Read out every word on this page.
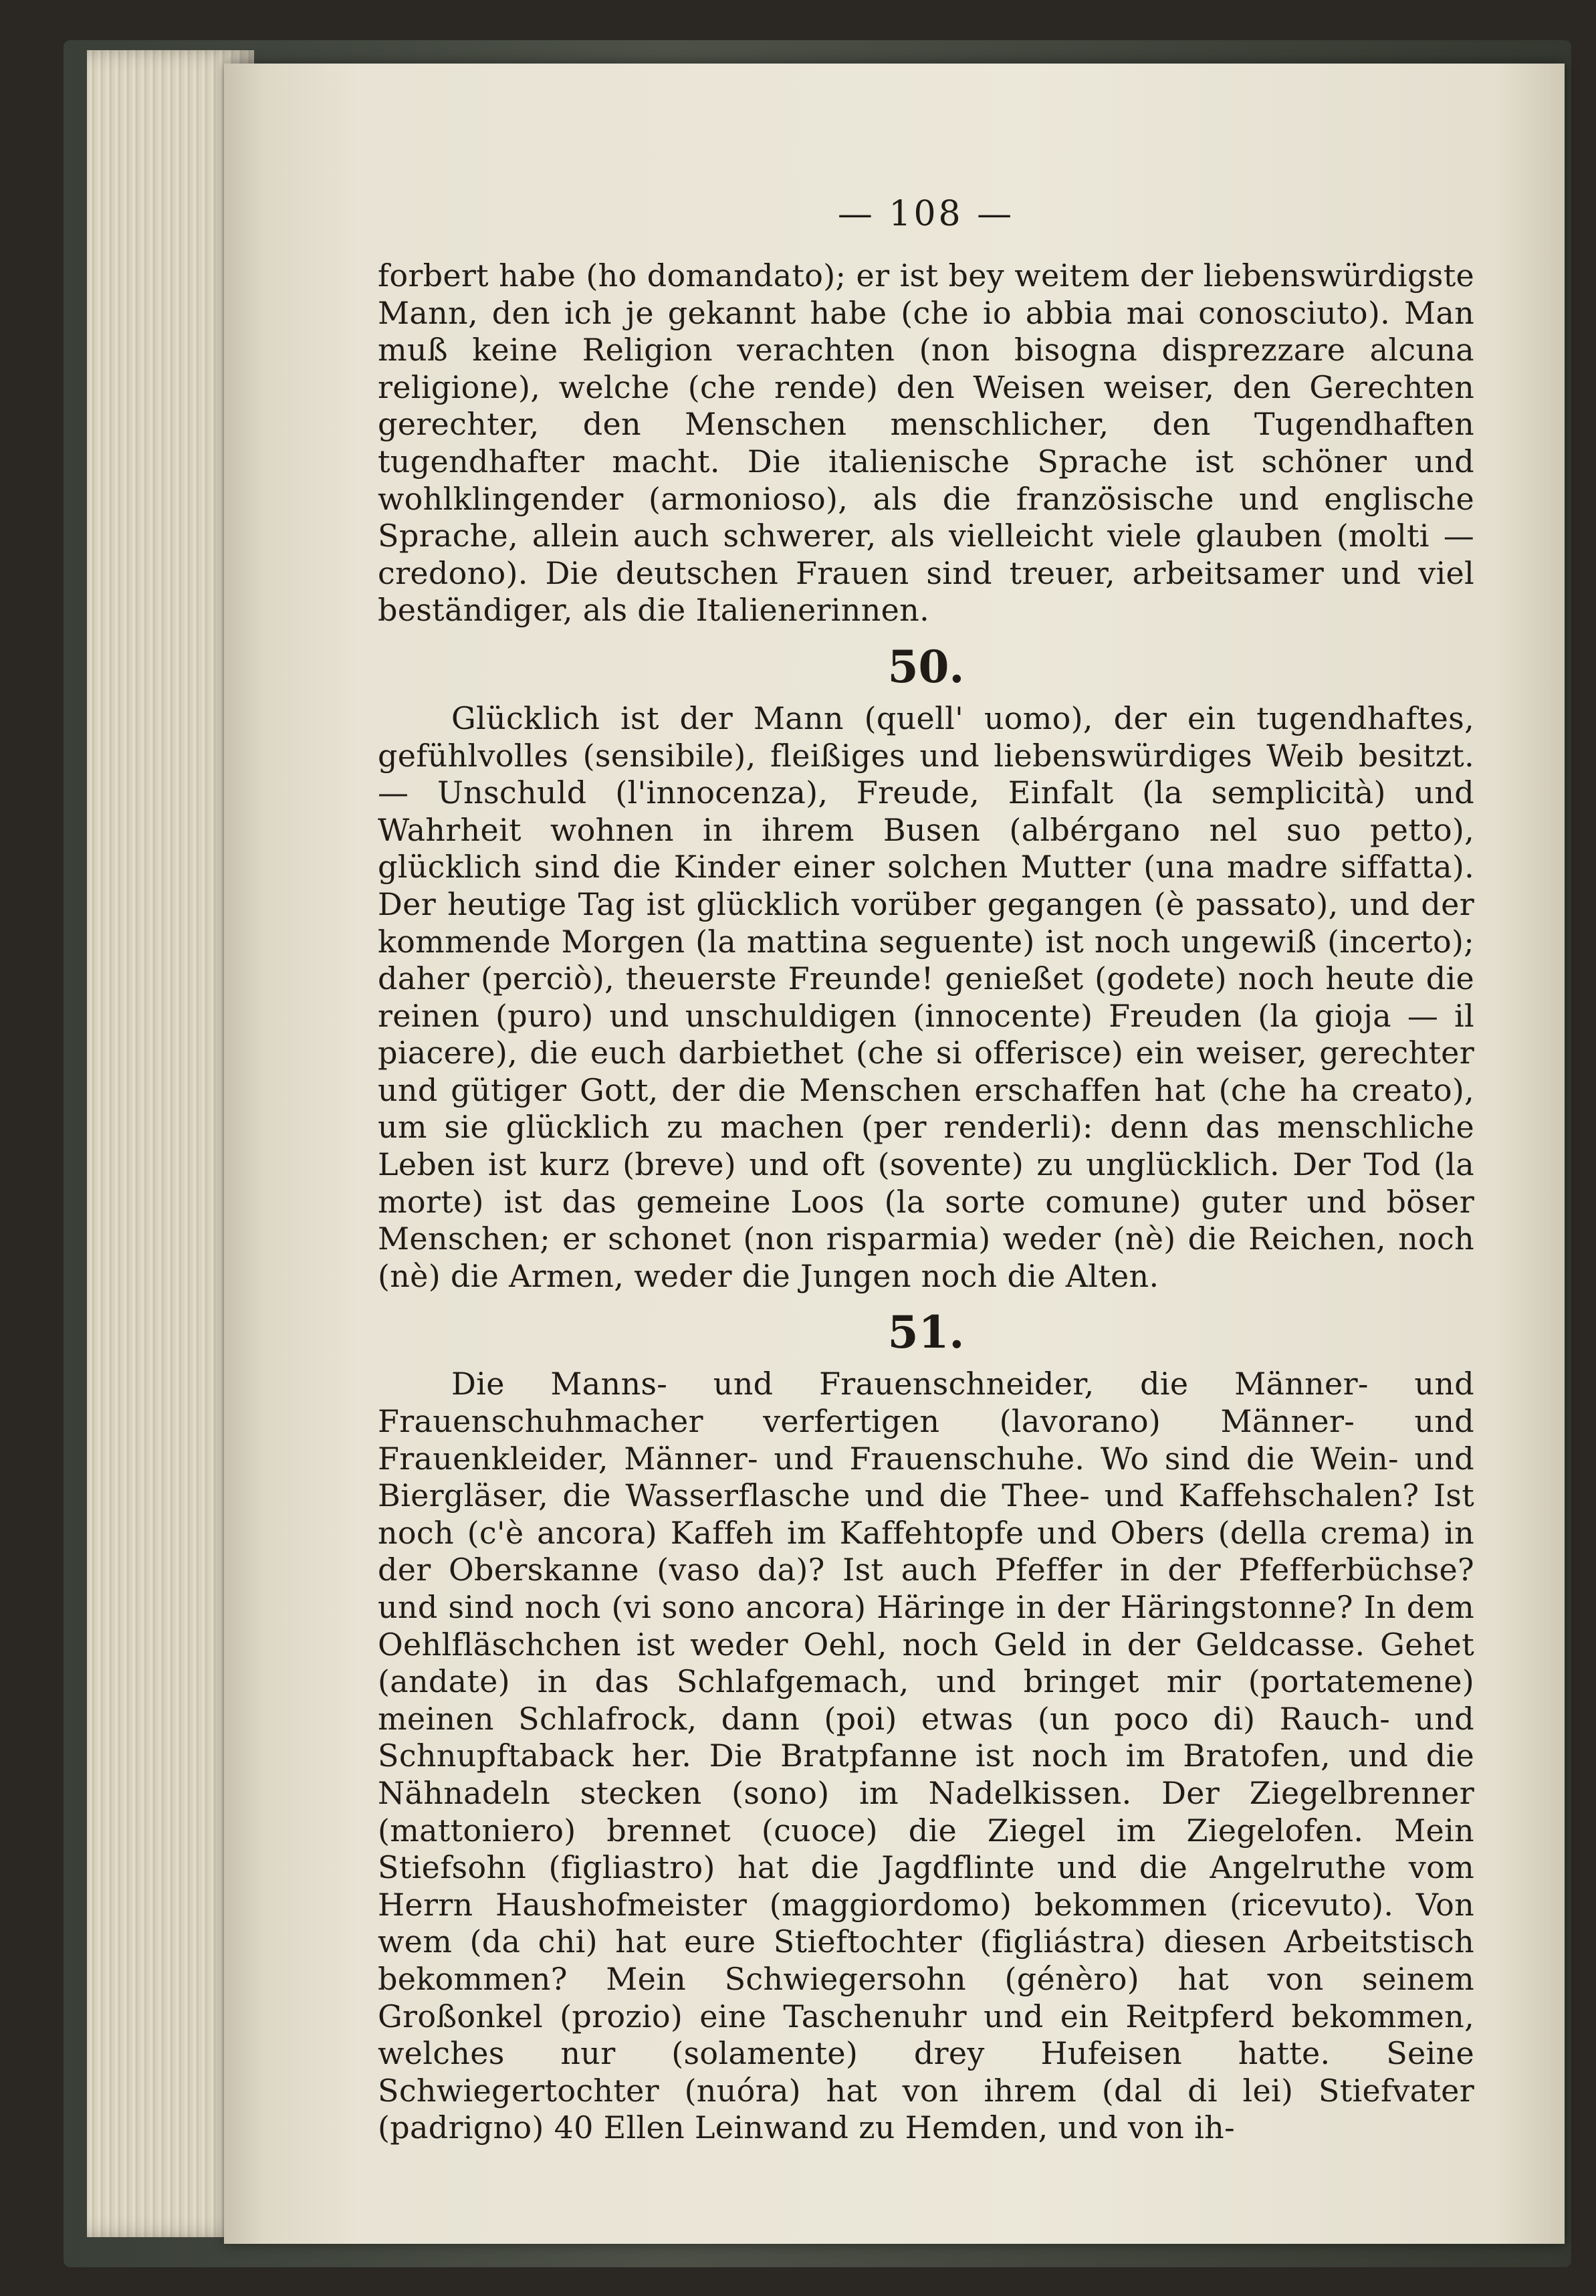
— 108 —

forbert habe (ho domandato); er ist bey weitem der liebenswürdigste Mann, den ich je gekannt habe (che io abbia mai conosciuto). Man muß keine Religion verachten (non bisogna disprezzare alcuna religione), welche (che rende) den Weisen weiser, den Gerechten gerechter, den Menschen menschlicher, den Tugendhaften tugendhafter macht. Die italienische Sprache ist schöner und wohlklingender (armonioso), als die französische und englische Sprache, allein auch schwerer, als vielleicht viele glauben (molti — credono). Die deutschen Frauen sind treuer, arbeitsamer und viel beständiger, als die Italienerinnen.

50.

Glücklich ist der Mann (quell' uomo), der ein tugendhaftes, gefühlvolles (sensibile), fleißiges und liebenswürdiges Weib besitzt. — Unschuld (l'innocenza), Freude, Einfalt (la semplicità) und Wahrheit wohnen in ihrem Busen (albérgano nel suo petto), glücklich sind die Kinder einer solchen Mutter (una madre siffatta). Der heutige Tag ist glücklich vorüber gegangen (è passato), und der kommende Morgen (la mattina seguente) ist noch ungewiß (incerto); daher (perciò), theuerste Freunde! genießet (godete) noch heute die reinen (puro) und unschuldigen (innocente) Freuden (la gioja — il piacere), die euch darbiethet (che si offerisce) ein weiser, gerechter und gütiger Gott, der die Menschen erschaffen hat (che ha creato), um sie glücklich zu machen (per renderli): denn das menschliche Leben ist kurz (breve) und oft (sovente) zu unglücklich. Der Tod (la morte) ist das gemeine Loos (la sorte comune) guter und böser Menschen; er schonet (non risparmia) weder (nè) die Reichen, noch (nè) die Armen, weder die Jungen noch die Alten.

51.

Die Manns- und Frauenschneider, die Männer- und Frauenschuhmacher verfertigen (lavorano) Männer- und Frauenkleider, Männer- und Frauenschuhe. Wo sind die Wein- und Biergläser, die Wasserflasche und die Thee- und Kaffehschalen? Ist noch (c'è ancora) Kaffeh im Kaffehtopfe und Obers (della crema) in der Oberskanne (vaso da)? Ist auch Pfeffer in der Pfefferbüchse? und sind noch (vi sono ancora) Häringe in der Häringstonne? In dem Oehlfläschchen ist weder Oehl, noch Geld in der Geldcasse. Gehet (andate) in das Schlafgemach, und bringet mir (portatemene) meinen Schlafrock, dann (poi) etwas (un poco di) Rauch- und Schnupftaback her. Die Bratpfanne ist noch im Bratofen, und die Nähnadeln stecken (sono) im Nadelkissen. Der Ziegelbrenner (mattoniero) brennet (cuoce) die Ziegel im Ziegelofen. Mein Stiefsohn (figliastro) hat die Jagdflinte und die Angelruthe vom Herrn Haushofmeister (maggiordomo) bekommen (ricevuto). Von wem (da chi) hat eure Stieftochter (figliástra) diesen Arbeitstisch bekommen? Mein Schwiegersohn (génèro) hat von seinem Großonkel (prozio) eine Taschenuhr und ein Reitpferd bekommen, welches nur (solamente) drey Hufeisen hatte. Seine Schwiegertochter (nuóra) hat von ihrem (dal di lei) Stiefvater (padrigno) 40 Ellen Leinwand zu Hemden, und von ih-
